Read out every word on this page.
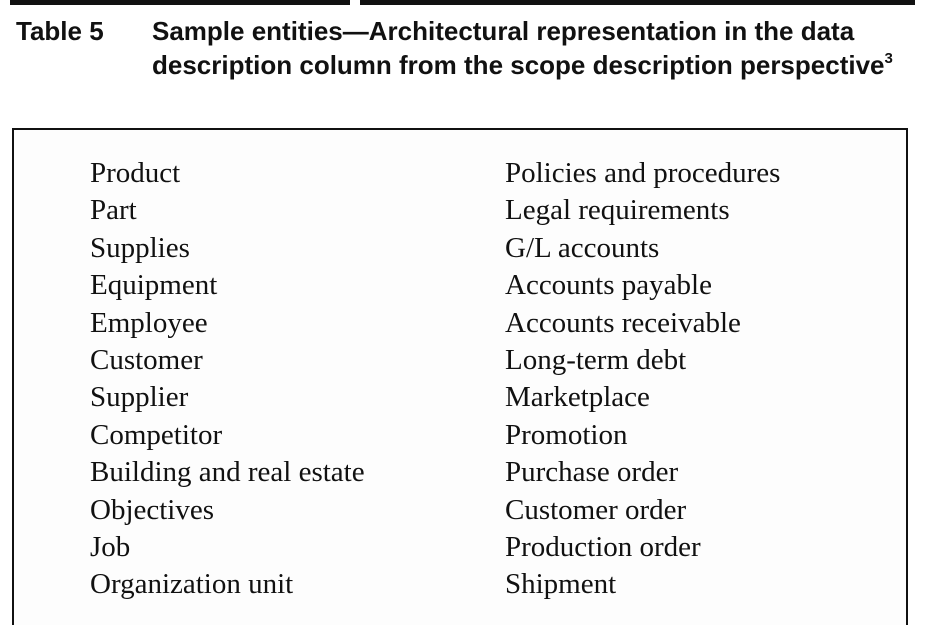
Table 5 Sample entities—Architectural representation in the data description column from the scope description perspective$^3$
Product
Part
Supplies
Equipment
Employee
Customer
Supplier
Competitor
Building and real estate
Objectives
Job
Organization unit
Policies and procedures
Legal requirements
G/L accounts
Accounts payable
Accounts receivable
Long-term debt
Marketplace
Promotion
Purchase order
Customer order
Production order
Shipment
